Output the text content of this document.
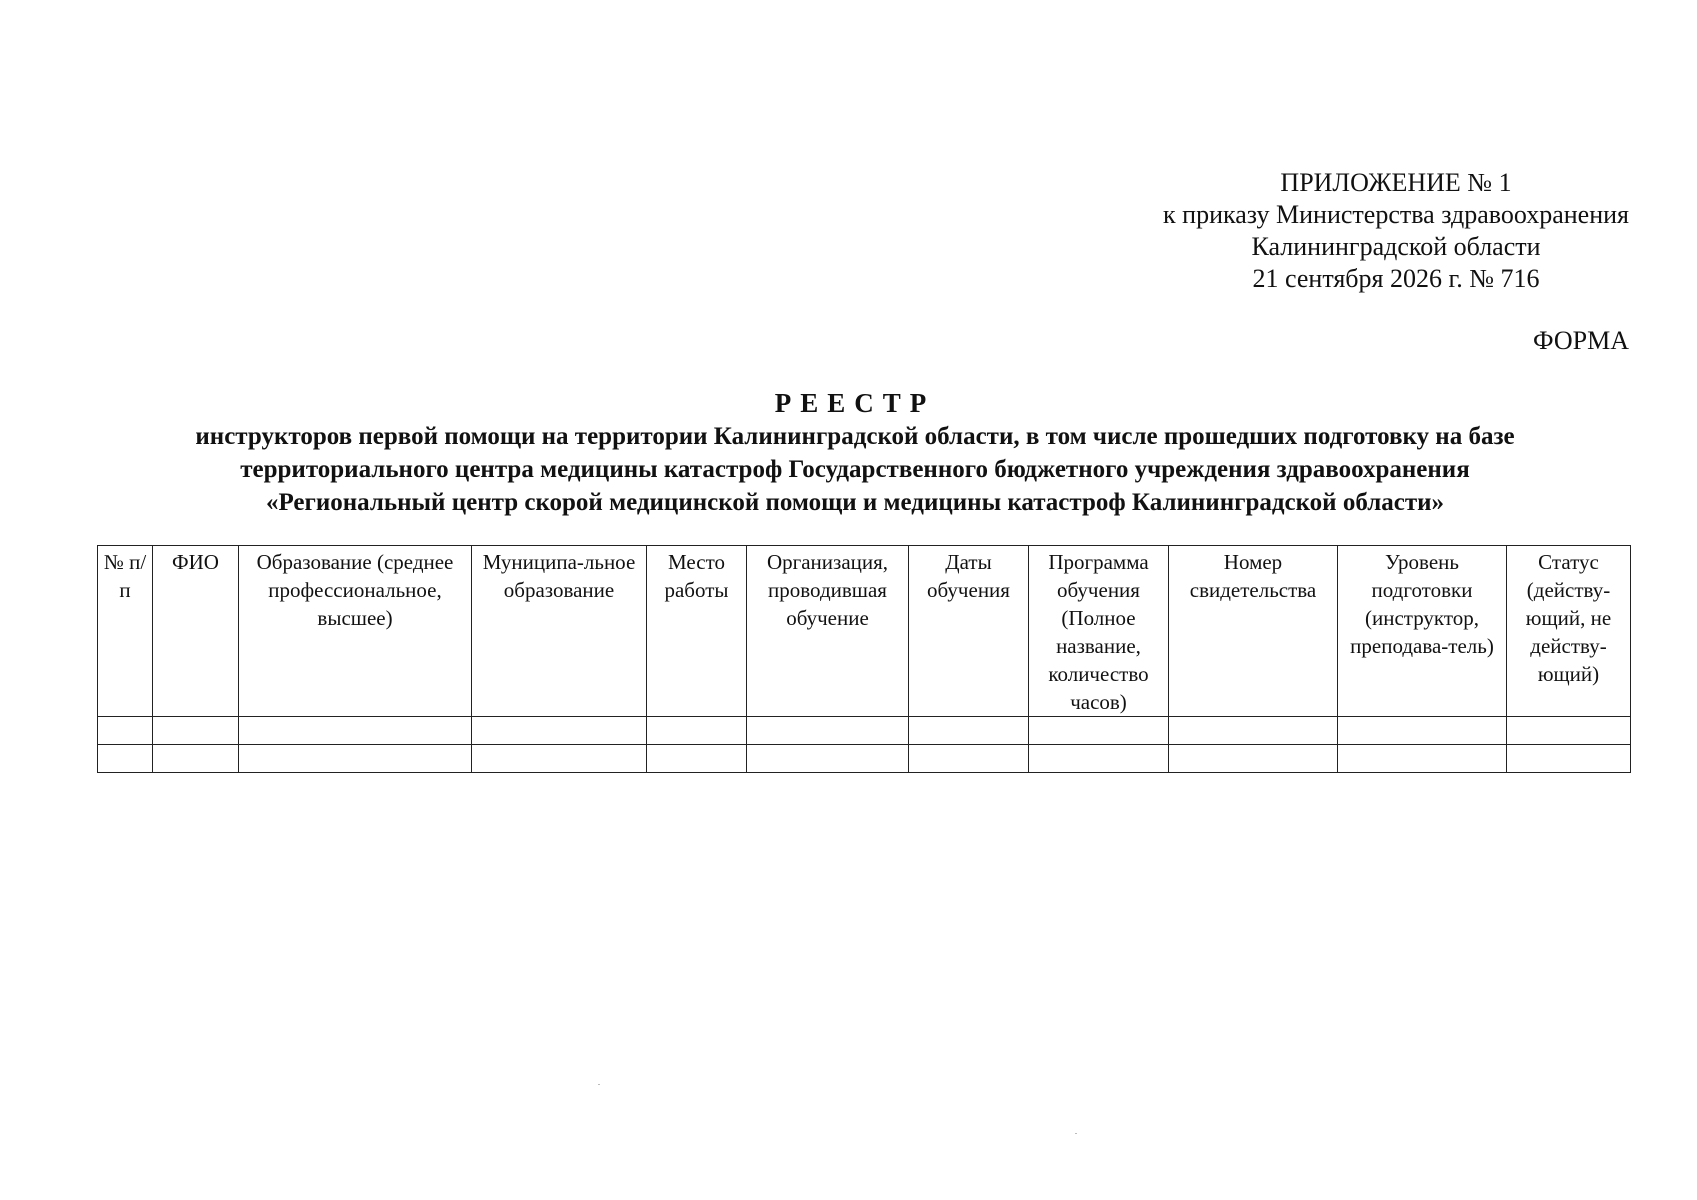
ПРИЛОЖЕНИЕ № 1
к приказу Министерства здравоохранения
Калининградской области
21 сентября 2026 г. № 716
ФОРМА
РЕЕСТР
инструкторов первой помощи на территории Калининградской области, в том числе прошедших подготовку на базе
территориального центра медицины катастроф Государственного бюджетного учреждения здравоохранения
«Региональный центр скорой медицинской помощи и медицины катастроф Калининградской области»
№ п/п	ФИО	Образование (среднее профессиональное, высшее)	Муниципа-льное образование	Место работы	Организация, проводившая обучение	Даты обучения	Программа обучения (Полное название, количество часов)	Номер свидетельства	Уровень подготовки (инструктор, преподава-тель)	Статус (действу-ющий, не действу-ющий)
